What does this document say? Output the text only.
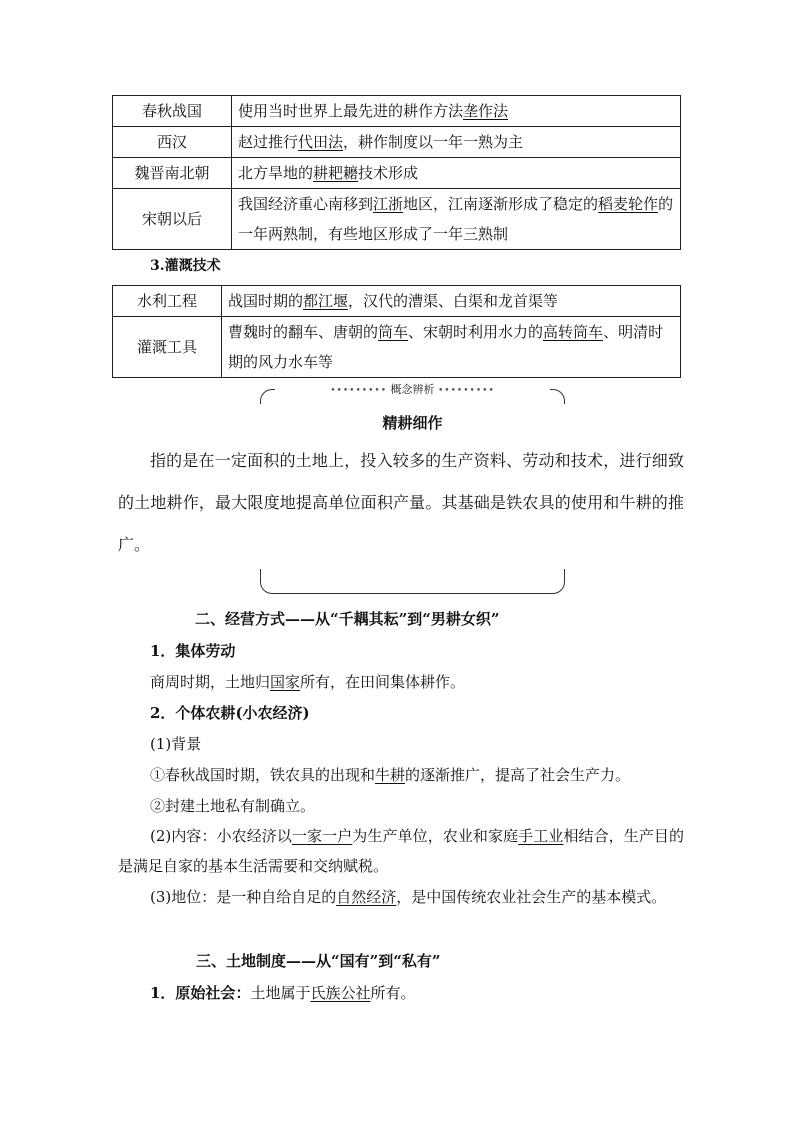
春秋战国	使用当时世界上最先进的耕作方法垄作法
西汉	赵过推行代田法，耕作制度以一年一熟为主
魏晋南北朝	北方旱地的耕耙耱技术形成
宋朝以后	我国经济重心南移到江浙地区，江南逐渐形成了稳定的稻麦轮作的一年两熟制，有些地区形成了一年三熟制
3.灌溉技术
水利工程	战国时期的都江堰，汉代的漕渠、白渠和龙首渠等
灌溉工具	曹魏时的翻车、唐朝的筒车、宋朝时利用水力的高转筒车、明清时期的风力水车等
••••••••• 概念辨析 •••••••••
精耕细作
指的是在一定面积的土地上，投入较多的生产资料、劳动和技术，进行细致的土地耕作，最大限度地提高单位面积产量。其基础是铁农具的使用和牛耕的推广。
二、经营方式——从“千耦其耘”到“男耕女织”
1．集体劳动
商周时期，土地归国家所有，在田间集体耕作。
2．个体农耕(小农经济)
(1)背景
①春秋战国时期，铁农具的出现和牛耕的逐渐推广，提高了社会生产力。
②封建土地私有制确立。
(2)内容：小农经济以一家一户为生产单位，农业和家庭手工业相结合，生产目的是满足自家的基本生活需要和交纳赋税。
(3)地位：是一种自给自足的自然经济，是中国传统农业社会生产的基本模式。
三、土地制度——从“国有”到“私有”
1．原始社会：土地属于氏族公社所有。
